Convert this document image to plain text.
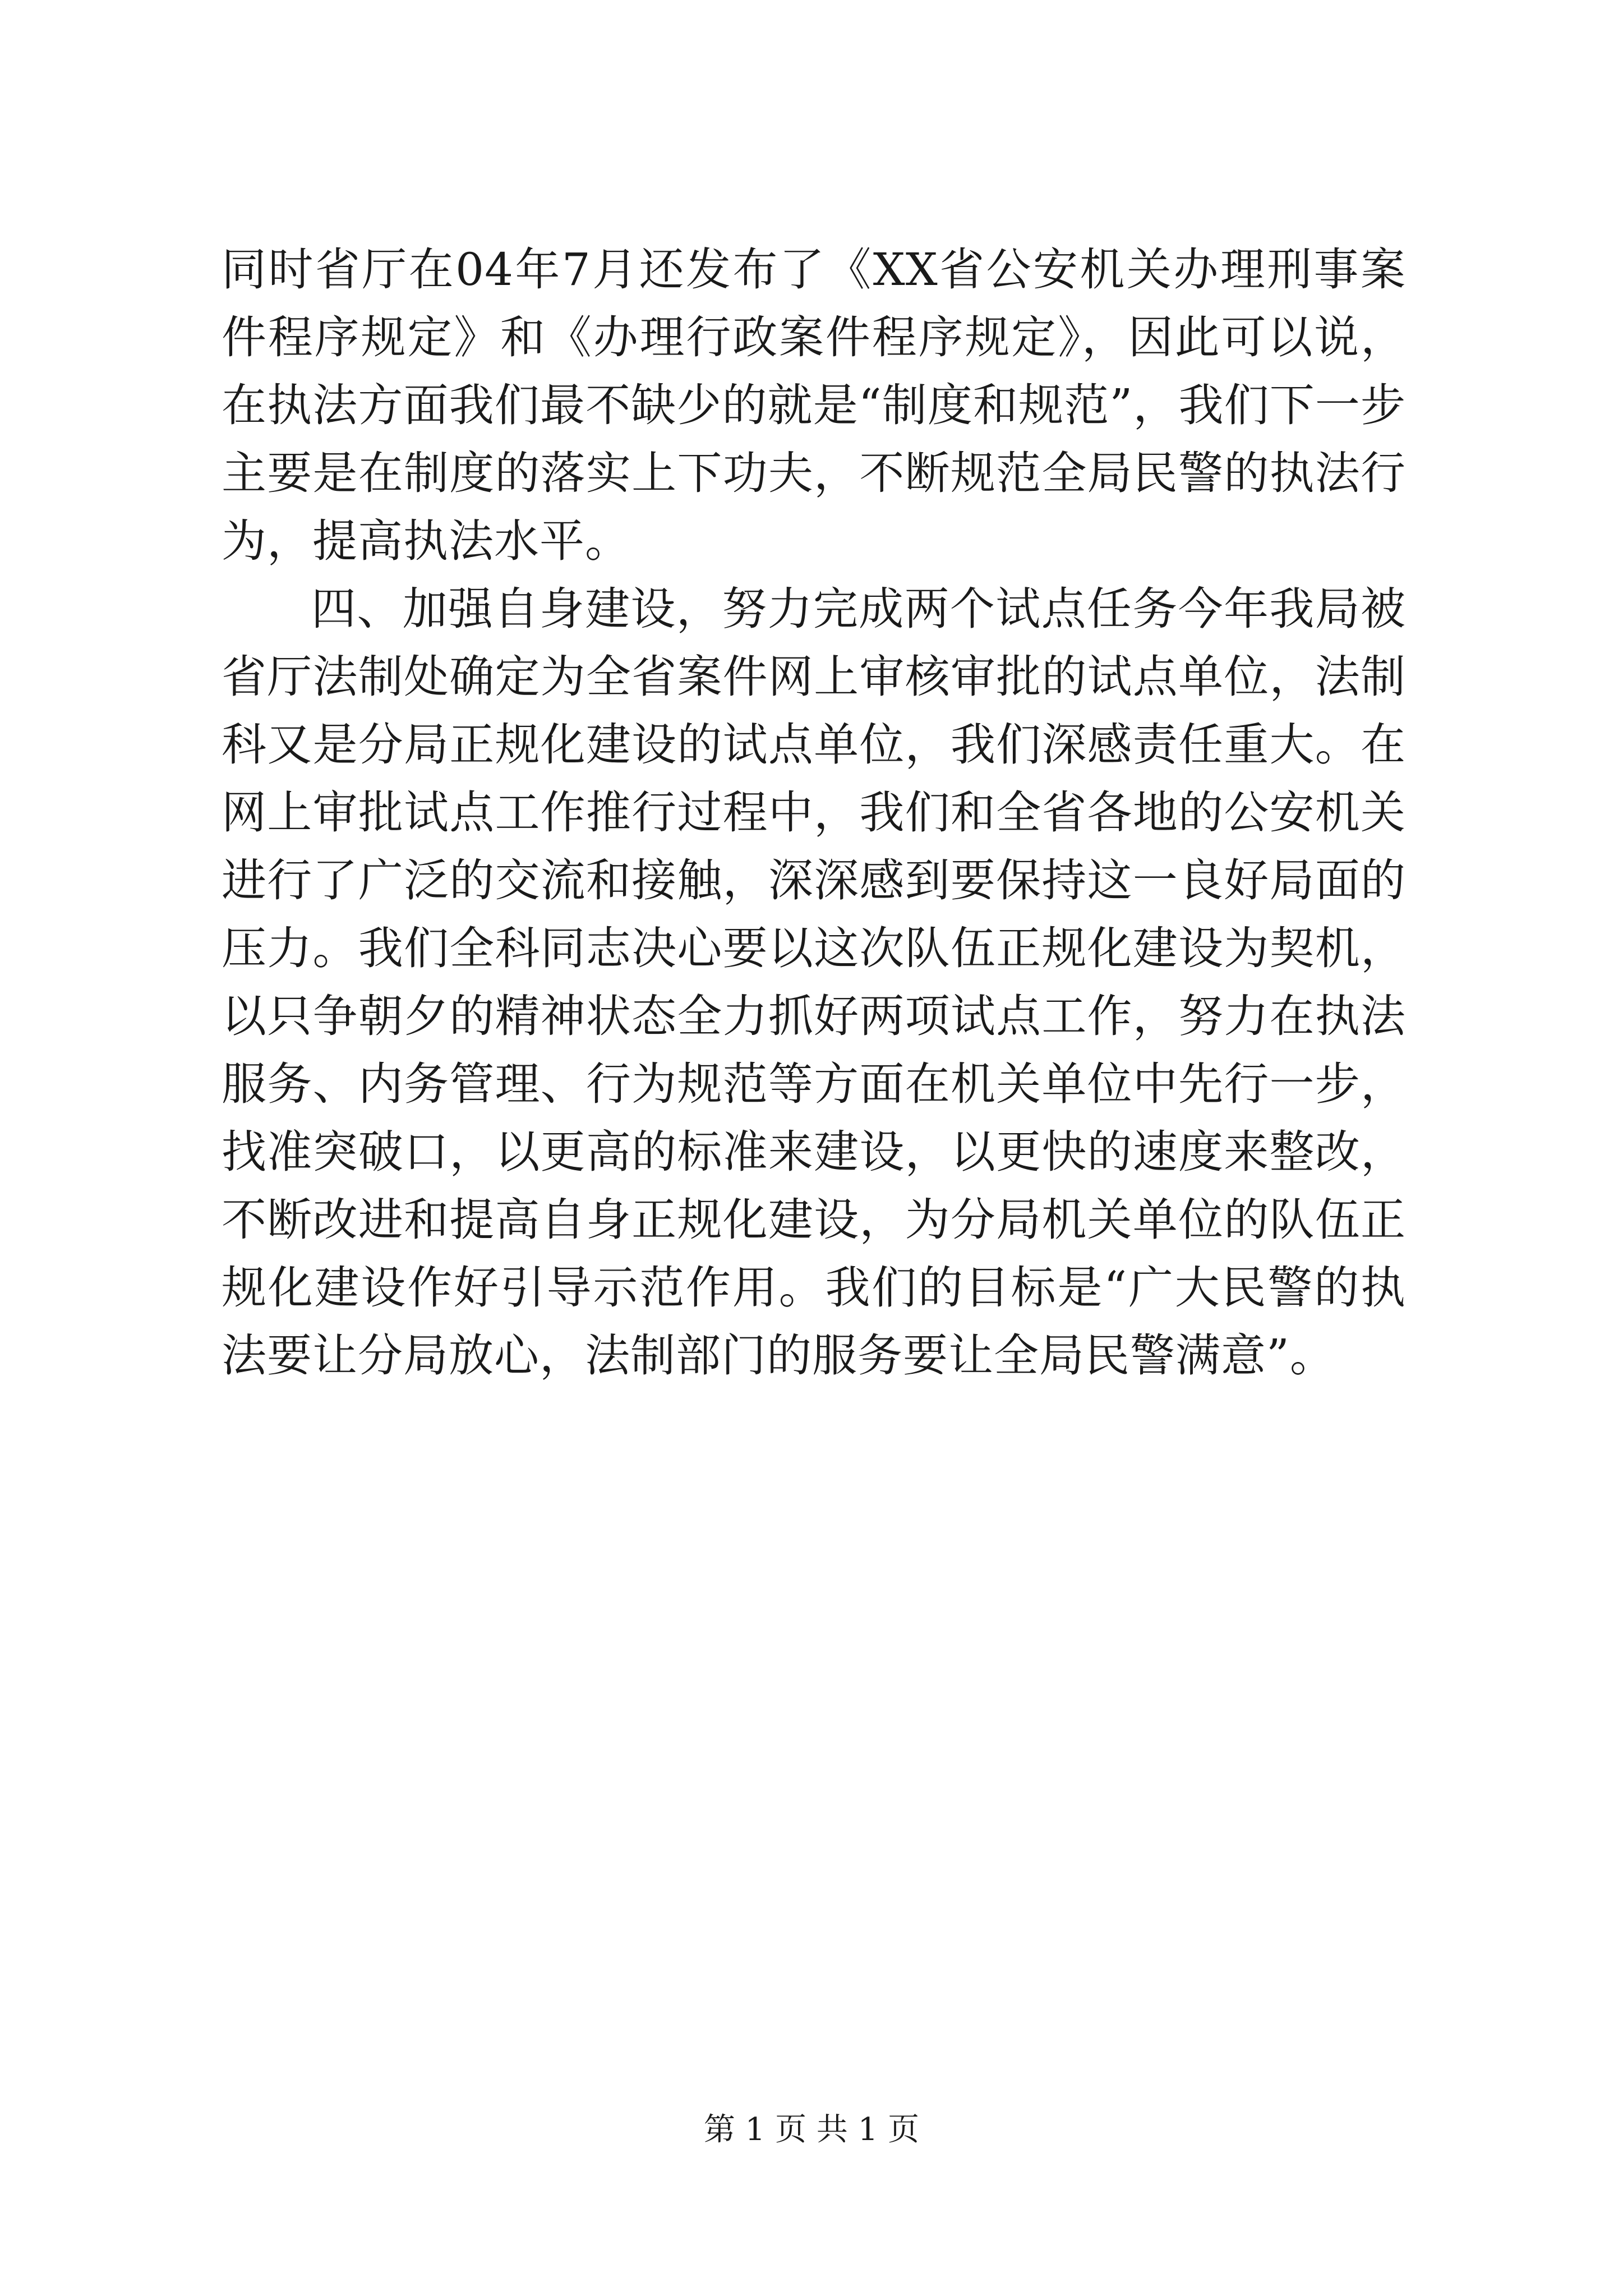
同时省厅在04年7月还发布了《XX省公安机关办理刑事案件程序规定》和《办理行政案件程序规定》，因此可以说，在执法方面我们最不缺少的就是“制度和规范”，我们下一步主要是在制度的落实上下功夫，不断规范全局民警的执法行为，提高执法水平。

四、加强自身建设，努力完成两个试点任务今年我局被省厅法制处确定为全省案件网上审核审批的试点单位，法制科又是分局正规化建设的试点单位，我们深感责任重大。在网上审批试点工作推行过程中，我们和全省各地的公安机关进行了广泛的交流和接触，深深感到要保持这一良好局面的压力。我们全科同志决心要以这次队伍正规化建设为契机，以只争朝夕的精神状态全力抓好两项试点工作，努力在执法服务、内务管理、行为规范等方面在机关单位中先行一步，找准突破口，以更高的标准来建设，以更快的速度来整改，不断改进和提高自身正规化建设，为分局机关单位的队伍正规化建设作好引导示范作用。我们的目标是“广大民警的执法要让分局放心，法制部门的服务要让全局民警满意”。

第 1 页 共 1 页
